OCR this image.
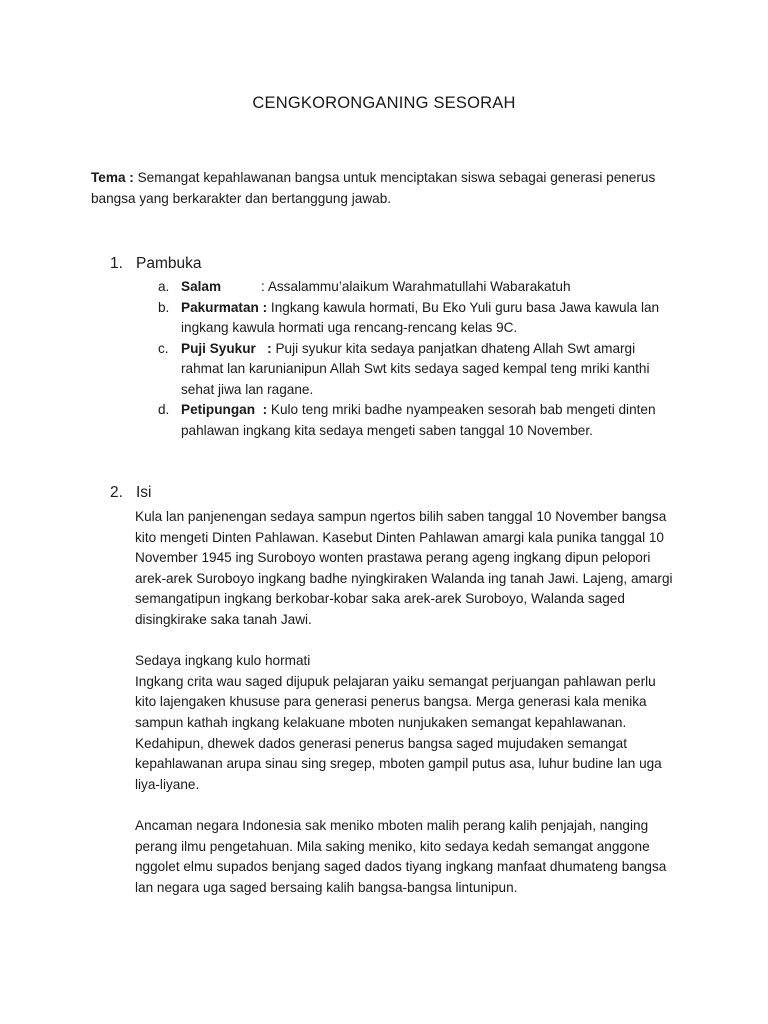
CENGKORONGANING SESORAH
Tema : Semangat kepahlawanan bangsa untuk menciptakan siswa sebagai generasi penerus bangsa yang berkarakter dan bertanggung jawab.
1. Pambuka
a. Salam	: Assalammu’alaikum Warahmatullahi Wabarakatuh
b. Pakurmatan : Ingkang kawula hormati, Bu Eko Yuli guru basa Jawa kawula lan ingkang kawula hormati uga rencang-rencang kelas 9C.
c. Puji Syukur   : Puji syukur kita sedaya panjatkan dhateng Allah Swt amargi rahmat lan karunianipun Allah Swt kits sedaya saged kempal teng mriki kanthi sehat jiwa lan ragane.
d. Petipungan  : Kulo teng mriki badhe nyampeaken sesorah bab mengeti dinten pahlawan ingkang kita sedaya mengeti saben tanggal 10 November.
2. Isi

Kula lan panjenengan sedaya sampun ngertos bilih saben tanggal 10 November bangsa kito mengeti Dinten Pahlawan. Kasebut Dinten Pahlawan amargi kala punika tanggal 10 November 1945 ing Suroboyo wonten prastawa perang ageng ingkang dipun pelopori arek-arek Suroboyo ingkang badhe nyingkiraken Walanda ing tanah Jawi. Lajeng, amargi semangatipun ingkang berkobar-kobar saka arek-arek Suroboyo, Walanda saged disingkirake saka tanah Jawi.

Sedaya ingkang kulo hormati

Ingkang crita wau saged dijupuk pelajaran yaiku semangat perjuangan pahlawan perlu kito lajengaken khususe para generasi penerus bangsa. Merga generasi kala menika sampun kathah ingkang kelakuane mboten nunjukaken semangat kepahlawanan. Kedahipun, dhewek dados generasi penerus bangsa saged mujudaken semangat kepahlawanan arupa sinau sing sregep, mboten gampil putus asa, luhur budine lan uga liya-liyane.

Ancaman negara Indonesia sak meniko mboten malih perang kalih penjajah, nanging perang ilmu pengetahuan. Mila saking meniko, kito sedaya kedah semangat anggone nggolet elmu supados benjang saged dados tiyang ingkang manfaat dhumateng bangsa lan negara uga saged bersaing kalih bangsa-bangsa lintunipun.
